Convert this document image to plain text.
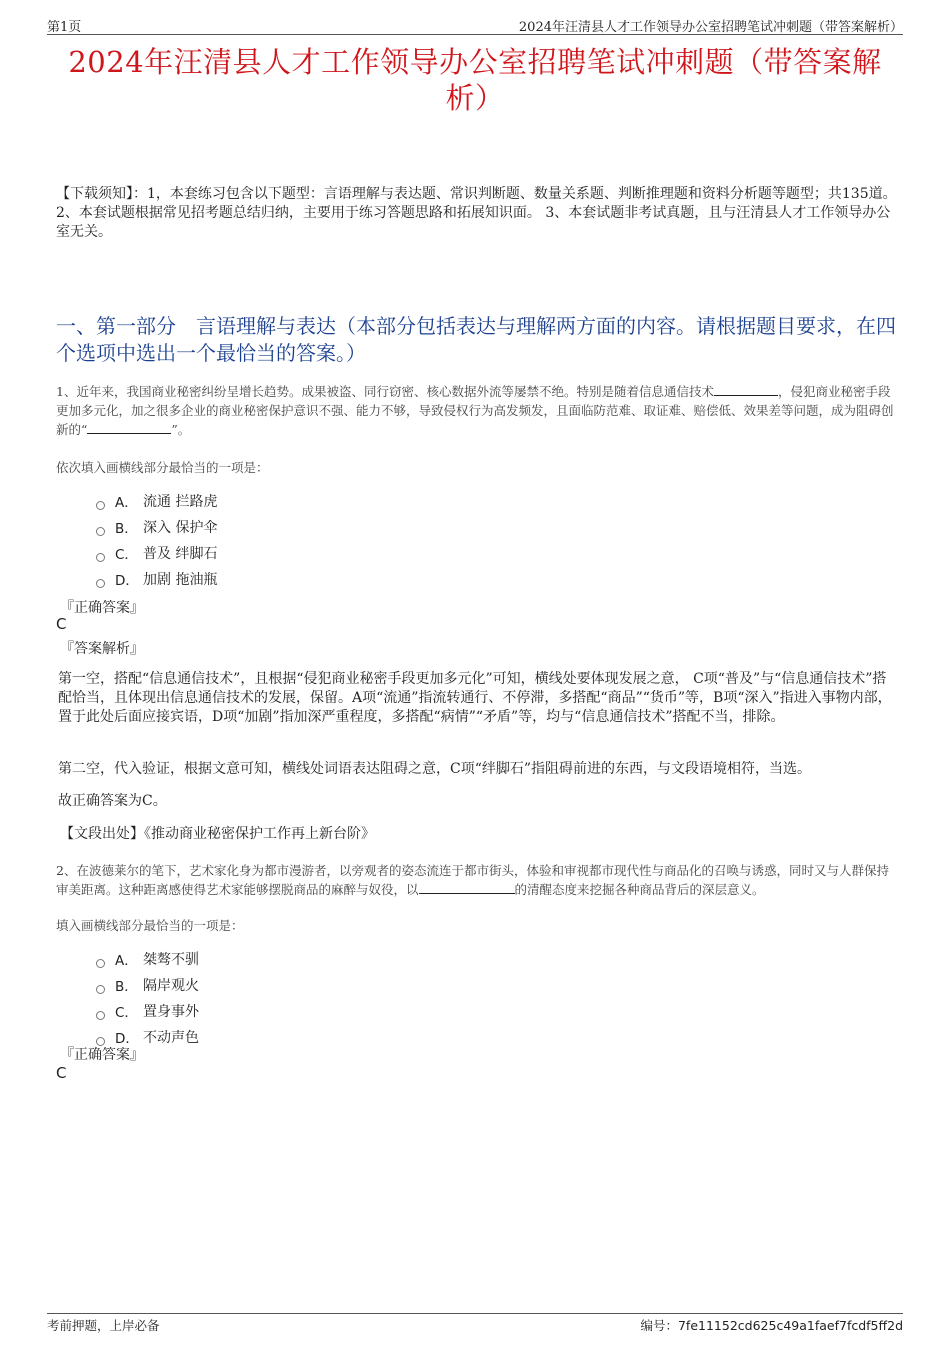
第1页	2024年汪清县人才工作领导办公室招聘笔试冲刺题（带答案解析）
2024年汪清县人才工作领导办公室招聘笔试冲刺题（带答案解
析）
【下载须知】：1，本套练习包含以下题型：言语理解与表达题、常识判断题、数量关系题、判断推理题和资料分析题等题型；共135道。 2、本套试题根据常见招考题总结归纳，主要用于练习答题思路和拓展知识面。 3、本套试题非考试真题，且与汪清县人才工作领导办公室无关。
一、第一部分　言语理解与表达（本部分包括表达与理解两方面的内容。请根据题目要求，在四个选项中选出一个最恰当的答案。）
1、近年来，我国商业秘密纠纷呈增长趋势。成果被盗、同行窃密、核心数据外流等屡禁不绝。特别是随着信息通信技术	，侵犯商业秘密手段更加多元化，加之很多企业的商业秘密保护意识不强、能力不够，导致侵权行为高发频发，且面临防范难、取证难、赔偿低、效果差等问题，成为阻碍创新的“	”。
依次填入画横线部分最恰当的一项是：
A． 流通 拦路虎
B． 深入 保护伞
C． 普及 绊脚石
D． 加剧 拖油瓶
『正确答案』
C
『答案解析』
第一空，搭配“信息通信技术”，且根据“侵犯商业秘密手段更加多元化”可知，横线处要体现发展之意， C项“普及”与“信息通信技术”搭配恰当，且体现出信息通信技术的发展，保留。A项“流通”指流转通行、不停滞，多搭配“商品”“货币”等，B项“深入”指进入事物内部，置于此处后面应接宾语，D项“加剧”指加深严重程度，多搭配“病情”“矛盾”等，均与“信息通信技术”搭配不当，排除。
第二空，代入验证，根据文意可知，横线处词语表达阻碍之意，C项“绊脚石”指阻碍前进的东西，与文段语境相符，当选。
故正确答案为C。
【文段出处】《推动商业秘密保护工作再上新台阶》
2、在波德莱尔的笔下，艺术家化身为都市漫游者，以旁观者的姿态流连于都市街头，体验和审视都市现代性与商品化的召唤与诱惑，同时又与人群保持审美距离。这种距离感使得艺术家能够摆脱商品的麻醉与奴役，以	的清醒态度来挖掘各种商品背后的深层意义。
填入画横线部分最恰当的一项是：
A． 桀骜不驯
B． 隔岸观火
C． 置身事外
D． 不动声色
『正确答案』
C
考前押题，上岸必备	编号：7fe11152cd625c49a1faef7fcdf5ff2d
